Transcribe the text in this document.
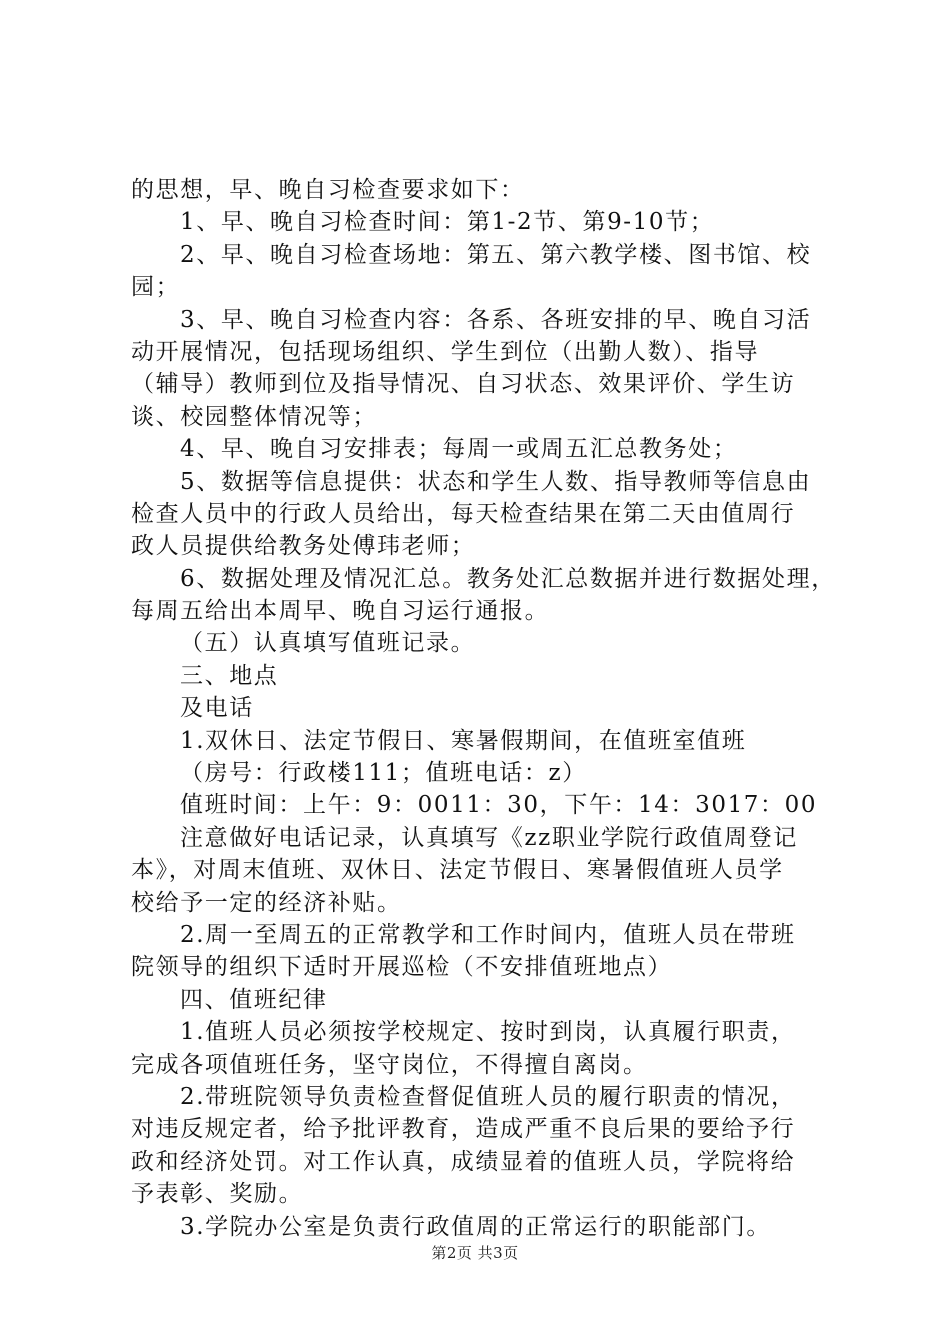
的思想，早、晚自习检查要求如下：
1、早、晚自习检查时间：第1-2节、第9-10节；
2、早、晚自习检查场地：第五、第六教学楼、图书馆、校
园；
3、早、晚自习检查内容：各系、各班安排的早、晚自习活
动开展情况，包括现场组织、学生到位（出勤人数）、指导
（辅导）教师到位及指导情况、自习状态、效果评价、学生访
谈、校园整体情况等；
4、早、晚自习安排表；每周一或周五汇总教务处；
5、数据等信息提供：状态和学生人数、指导教师等信息由
检查人员中的行政人员给出，每天检查结果在第二天由值周行
政人员提供给教务处傅玮老师；
6、数据处理及情况汇总。教务处汇总数据并进行数据处理，
每周五给出本周早、晚自习运行通报。
（五）认真填写值班记录。
三、地点
及电话
1.双休日、法定节假日、寒暑假期间，在值班室值班
（房号：行政楼111；值班电话：z）
值班时间：上午：9：0011：30，下午：14：3017：00
注意做好电话记录，认真填写《zz职业学院行政值周登记
本》，对周末值班、双休日、法定节假日、寒暑假值班人员学
校给予一定的经济补贴。
2.周一至周五的正常教学和工作时间内，值班人员在带班
院领导的组织下适时开展巡检（不安排值班地点）
四、值班纪律
1.值班人员必须按学校规定、按时到岗，认真履行职责，
完成各项值班任务，坚守岗位，不得擅自离岗。
2.带班院领导负责检查督促值班人员的履行职责的情况，
对违反规定者，给予批评教育，造成严重不良后果的要给予行
政和经济处罚。对工作认真，成绩显着的值班人员，学院将给
予表彰、奖励。
3.学院办公室是负责行政值周的正常运行的职能部门。
第2页 共3页
